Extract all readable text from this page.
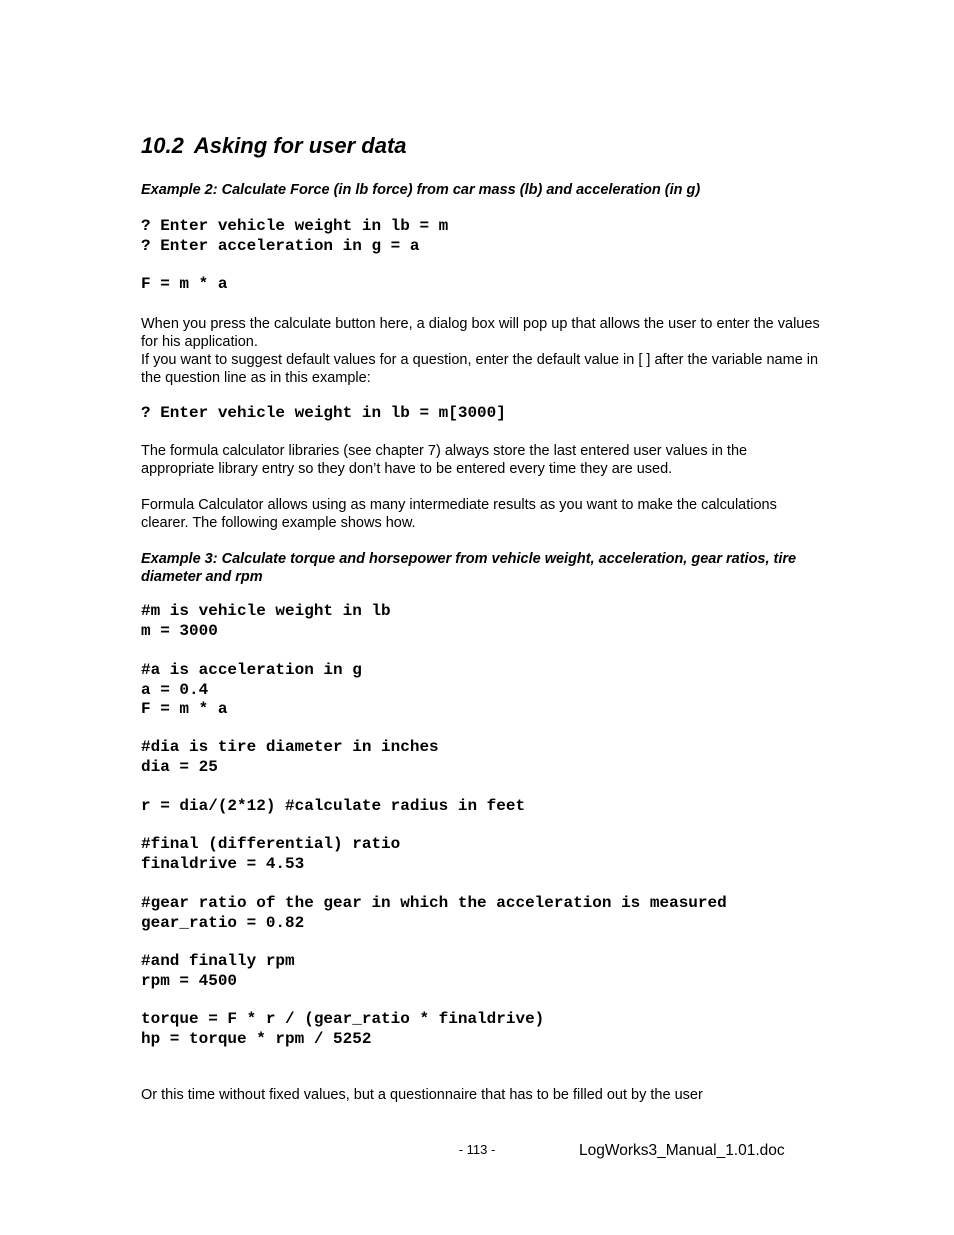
10.2 Asking for user data

Example 2: Calculate Force (in lb force) from car mass (lb) and acceleration (in g)

? Enter vehicle weight in lb = m
? Enter acceleration in g = a
F = m * a
When you press the calculate button here, a dialog box will pop up that allows the user to enter the values for his application.
If you want to suggest default values for a question, enter the default value in [ ] after the variable name in the question line as in this example:
? Enter vehicle weight in lb = m[3000]

The formula calculator libraries (see chapter 7) always store the last entered user values in the appropriate library entry so they don’t have to be entered every time they are used.

Formula Calculator allows using as many intermediate results as you want to make the calculations clearer. The following example shows how.

Example 3: Calculate torque and horsepower from vehicle weight, acceleration, gear ratios, tire diameter and rpm

#m is vehicle weight in lb
m = 3000
#a is acceleration in g
a = 0.4
F = m * a
#dia is tire diameter in inches
dia = 25
r = dia/(2*12) #calculate radius in feet
#final (differential) ratio
finaldrive = 4.53
#gear ratio of the gear in which the acceleration is measured
gear_ratio = 0.82
#and finally rpm
rpm = 4500
torque = F * r / (gear_ratio * finaldrive)
hp = torque * rpm / 5252

Or this time without fixed values, but a questionnaire that has to be filled out by the user

- 113 -	LogWorks3_Manual_1.01.doc
